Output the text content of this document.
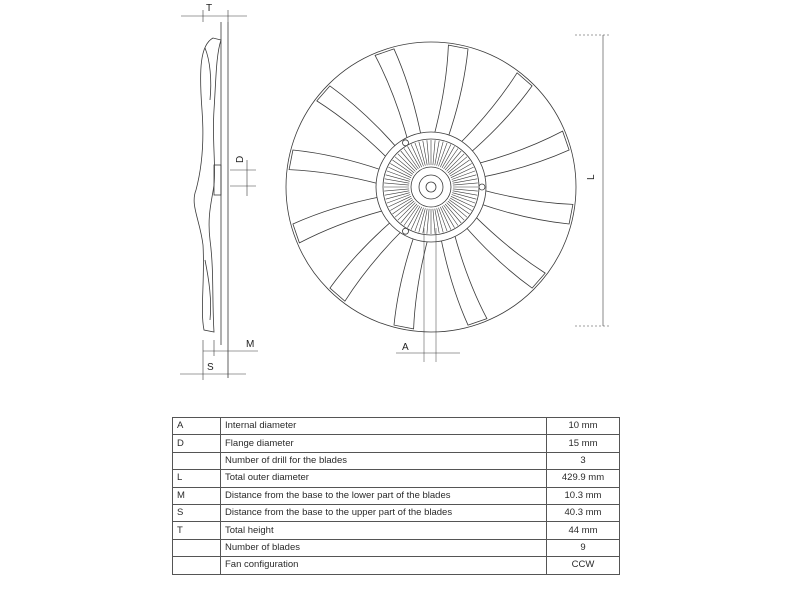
T
D
L
M
S
A
A	Internal diameter	10 mm
D	Flange diameter	15 mm
	Number of drill for the blades	3
L	Total outer diameter	429.9 mm
M	Distance from the base to the lower part of the blades	10.3 mm
S	Distance from the base to the upper part of the blades	40.3 mm
T	Total height	44 mm
	Number of blades	9
	Fan configuration	CCW
